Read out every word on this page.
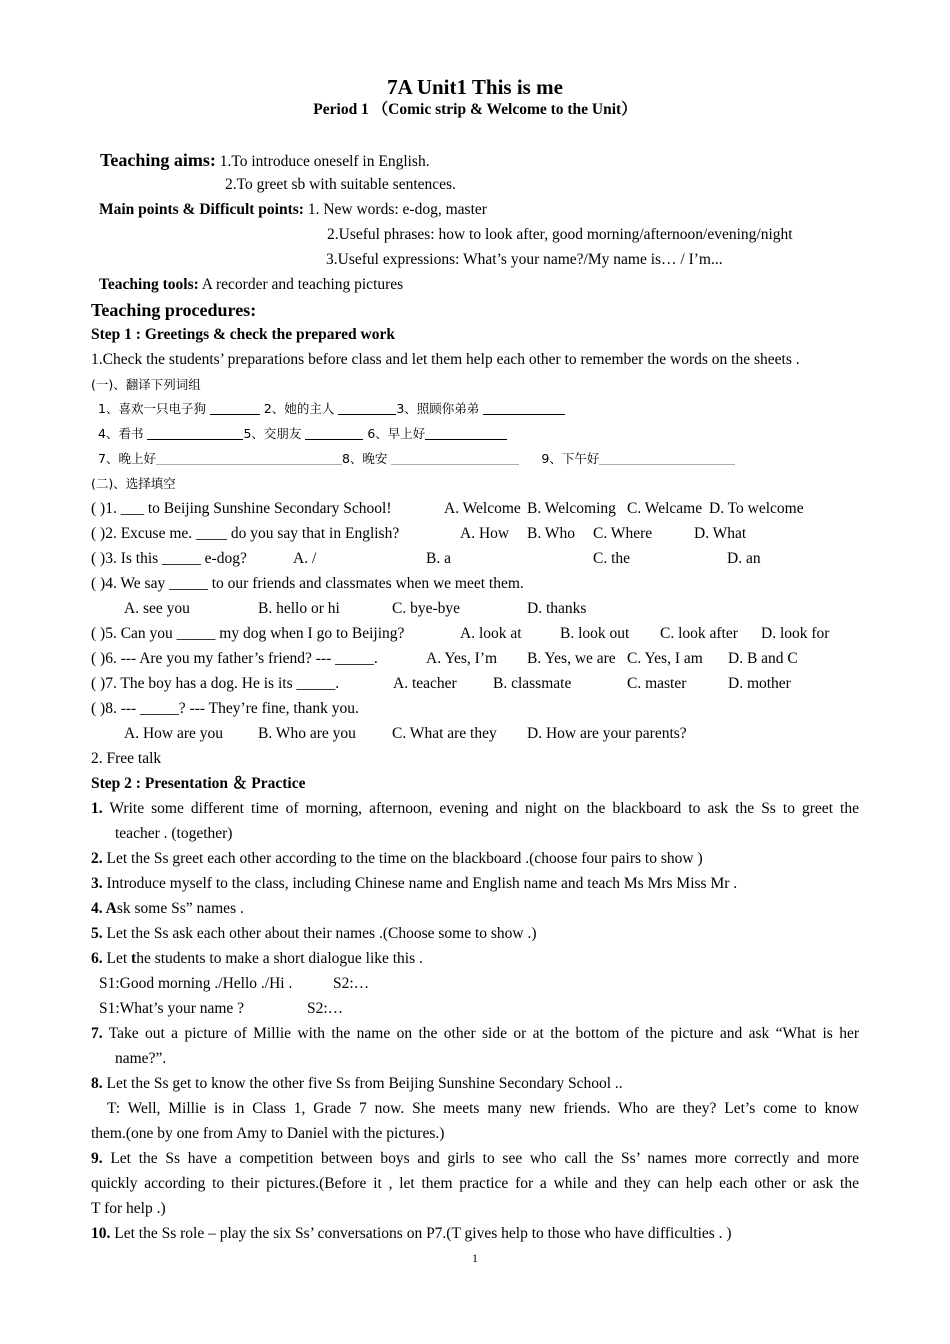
7A Unit1 This is me
Period 1 （Comic strip & Welcome to the Unit）
Teaching aims: 1.To introduce oneself in English.
2.To greet sb with suitable sentences.
Main points & Difficult points: 1. New words: e-dog, master
2.Useful phrases: how to look after, good morning/afternoon/evening/night
3.Useful expressions: What’s your name?/My name is… / I’m...
Teaching tools: A recorder and teaching pictures
Teaching procedures:
Step 1 : Greetings & check the prepared work
1.Check the students’ preparations before class and let them help each other to remember the words on the sheets .
(一)、翻译下列词组
1、喜欢一只电子狗	2、她的主人	3、照顾你弟弟
4、看书	5、交朋友	6、早上好
7、晚上好	8、晚安	9、下午好
(二)、选择填空
( )1. ___ to Beijing Sunshine Secondary School!	A. Welcome B. Welcoming C. Welcame D. To welcome
( )2. Excuse me. ____ do you say that in English?	A. How B. Who C. Where	D. What
( )3. Is this _____ e-dog?	A. /	B. a	C. the	D. an
( )4. We say _____ to our friends and classmates when we meet them.
A. see you	B. hello or hi	C. bye-bye	D. thanks
( )5. Can you _____ my dog when I go to Beijing?	A. look at B. look out C. look after D. look for
( )6. --- Are you my father’s friend? --- _____.	A. Yes, I’m B. Yes, we are C. Yes, I am D. B and C
( )7. The boy has a dog. He is its _____.	A. teacher B. classmate	C. master	D. mother
( )8. --- _____? --- They’re fine, thank you.
A. How are you B. Who are you C. What are they D. How are your parents?
2. Free talk
Step 2 : Presentation ＆ Practice
1. Write some different time of morning, afternoon, evening and night on the blackboard to ask the Ss to greet the
teacher . (together)
2. Let the Ss greet each other according to the time on the blackboard .(choose four pairs to show )
3. Introduce myself to the class, including Chinese name and English name and teach Ms Mrs Miss Mr .
4. Ask some Ss” names .
5. Let the Ss ask each other about their names .(Choose some to show .)
6. Let the students to make a short dialogue like this .
S1:Good morning ./Hello ./Hi .	S2:…
S1:What’s your name ?	S2:…
7. Take out a picture of Millie with the name on the other side or at the bottom of the picture and ask “What is her
name?”.
8. Let the Ss get to know the other five Ss from Beijing Sunshine Secondary School ..
T: Well, Millie is in Class 1, Grade 7 now. She meets many new friends. Who are they? Let’s come to know
them.(one by one from Amy to Daniel with the pictures.)
9. Let the Ss have a competition between boys and girls to see who call the Ss’ names more correctly and more
quickly according to their pictures.(Before it , let them practice for a while and they can help each other or ask the
T for help .)
10. Let the Ss role – play the six Ss’ conversations on P7.(T gives help to those who have difficulties . )
1
